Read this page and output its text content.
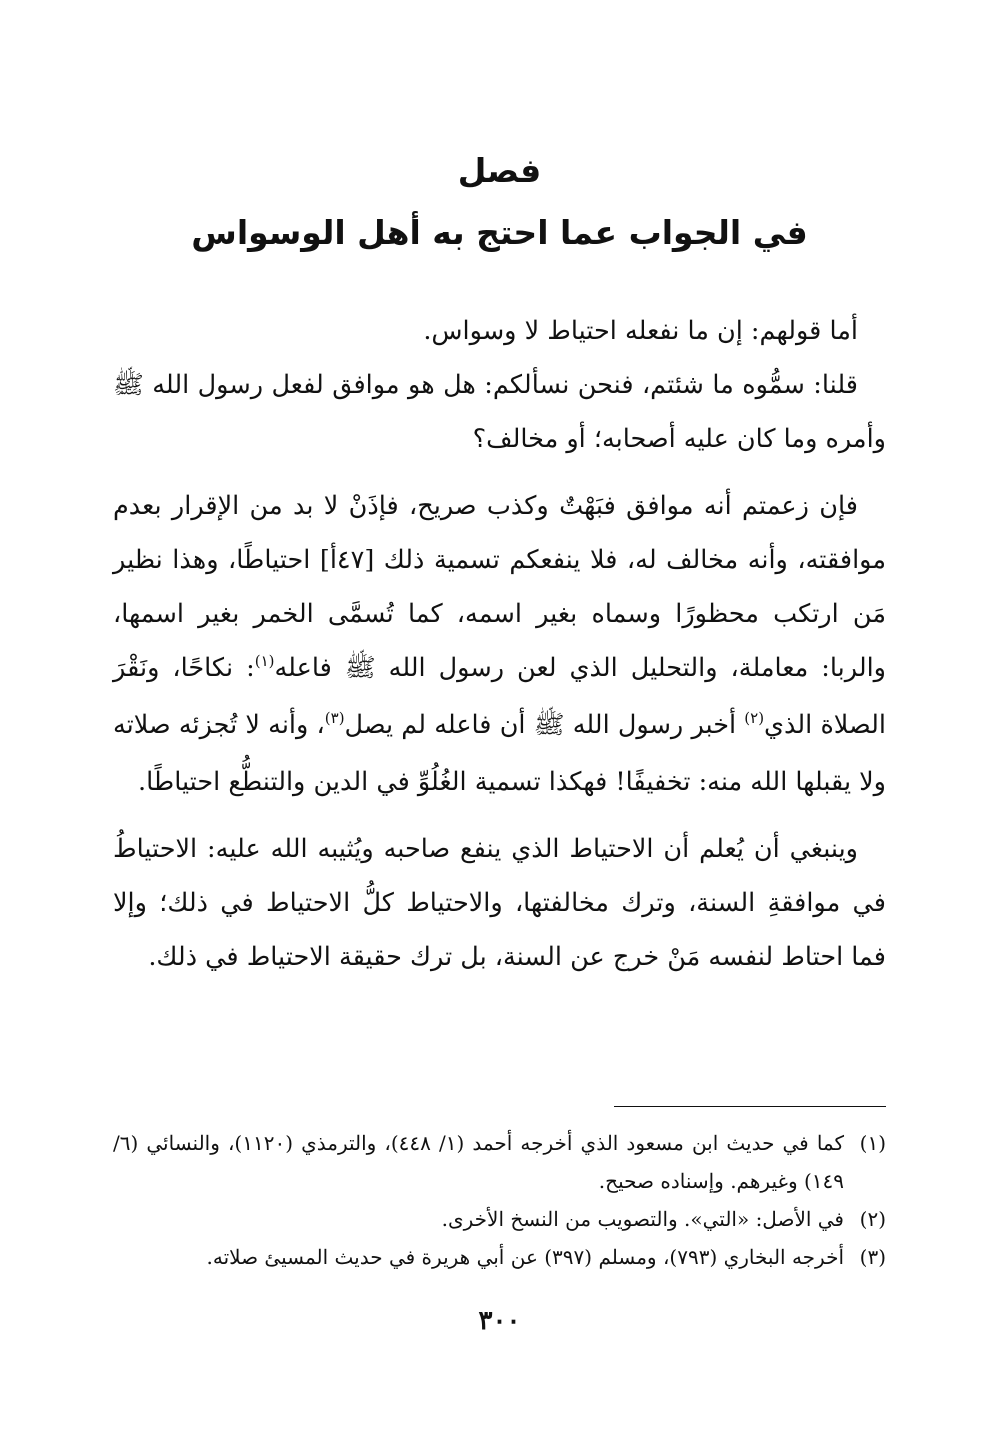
فصل
في الجواب عما احتج به أهل الوسواس

أما قولهم: إن ما نفعله احتياط لا وسواس.

قلنا: سمُّوه ما شئتم، فنحن نسألكم: هل هو موافق لفعل رسول الله ﷺ وأمره وما كان عليه أصحابه؛ أو مخالف؟

فإن زعمتم أنه موافق فبَهْتٌ وكذب صريح، فإذَنْ لا بد من الإقرار بعدم موافقته، وأنه مخالف له، فلا ينفعكم تسمية ذلك [٤٧أ] احتياطًا، وهذا نظير مَن ارتكب محظورًا وسماه بغير اسمه، كما تُسمَّى الخمر بغير اسمها، والربا: معاملة، والتحليل الذي لعن رسول الله ﷺ فاعله$^{(١)}$: نكاحًا، ونَقْرَ الصلاة الذي$^{(٢)}$ أخبر رسول الله ﷺ أن فاعله لم يصل$^{(٣)}$، وأنه لا تُجزئه صلاته ولا يقبلها الله منه: تخفيفًا! فهكذا تسمية الغُلُوِّ في الدين والتنطُّع احتياطًا.

وينبغي أن يُعلم أن الاحتياط الذي ينفع صاحبه ويُثيبه الله عليه: الاحتياطُ في موافقةِ السنة، وترك مخالفتها، والاحتياط كلُّ الاحتياط في ذلك؛ وإلا فما احتاط لنفسه مَنْ خرج عن السنة، بل ترك حقيقة الاحتياط في ذلك.

(١)
كما في حديث ابن مسعود الذي أخرجه أحمد (١/ ٤٤٨)، والترمذي (١١٢٠)، والنسائي (٦/ ١٤٩) وغيرهم. وإسناده صحيح.
(٢)
في الأصل: «التي». والتصويب من النسخ الأخرى.
(٣)
أخرجه البخاري (٧٩٣)، ومسلم (٣٩٧) عن أبي هريرة في حديث المسيئ صلاته.
٣٠٠
